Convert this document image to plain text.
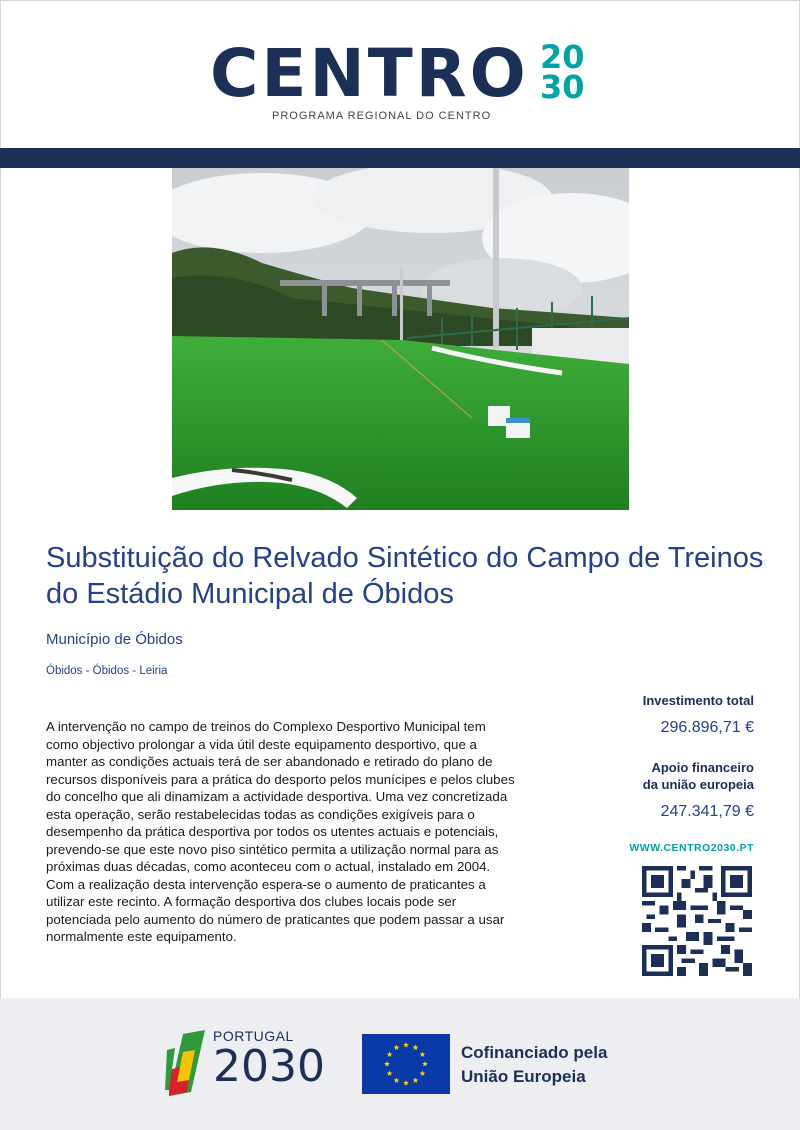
CENTRO 20
30
PROGRAMA REGIONAL DO CENTRO
Substituição do Relvado Sintético do Campo de Treinos do Estádio Municipal de Óbidos
Município de Óbidos
Óbidos - Óbidos - Leiria
A intervenção no campo de treinos do Complexo Desportivo Municipal tem como objectivo prolongar a vida útil deste equipamento desportivo, que a manter as condições actuais terá de ser abandonado e retirado do plano de recursos disponíveis para a prática do desporto pelos munícipes e pelos clubes do concelho que ali dinamizam a actividade desportiva. Uma vez concretizada esta operação, serão restabelecidas todas as condições exigíveis para o desempenho da prática desportiva por todos os utentes actuais e potenciais, prevendo-se que este novo piso sintético permita a utilização normal para as próximas duas décadas, como aconteceu com o actual, instalado em 2004. Com a realização desta intervenção espera-se o aumento de praticantes a utilizar este recinto. A formação desportiva dos clubes locais pode ser potenciada pelo aumento do número de praticantes que podem passar a usar normalmente este equipamento.
Investimento total
296.896,71 €
Apoio financeiro
da união europeia
247.341,79 €
WWW.CENTRO2030.PT
PORTUGAL
2030	Cofinanciado pela
União Europeia
